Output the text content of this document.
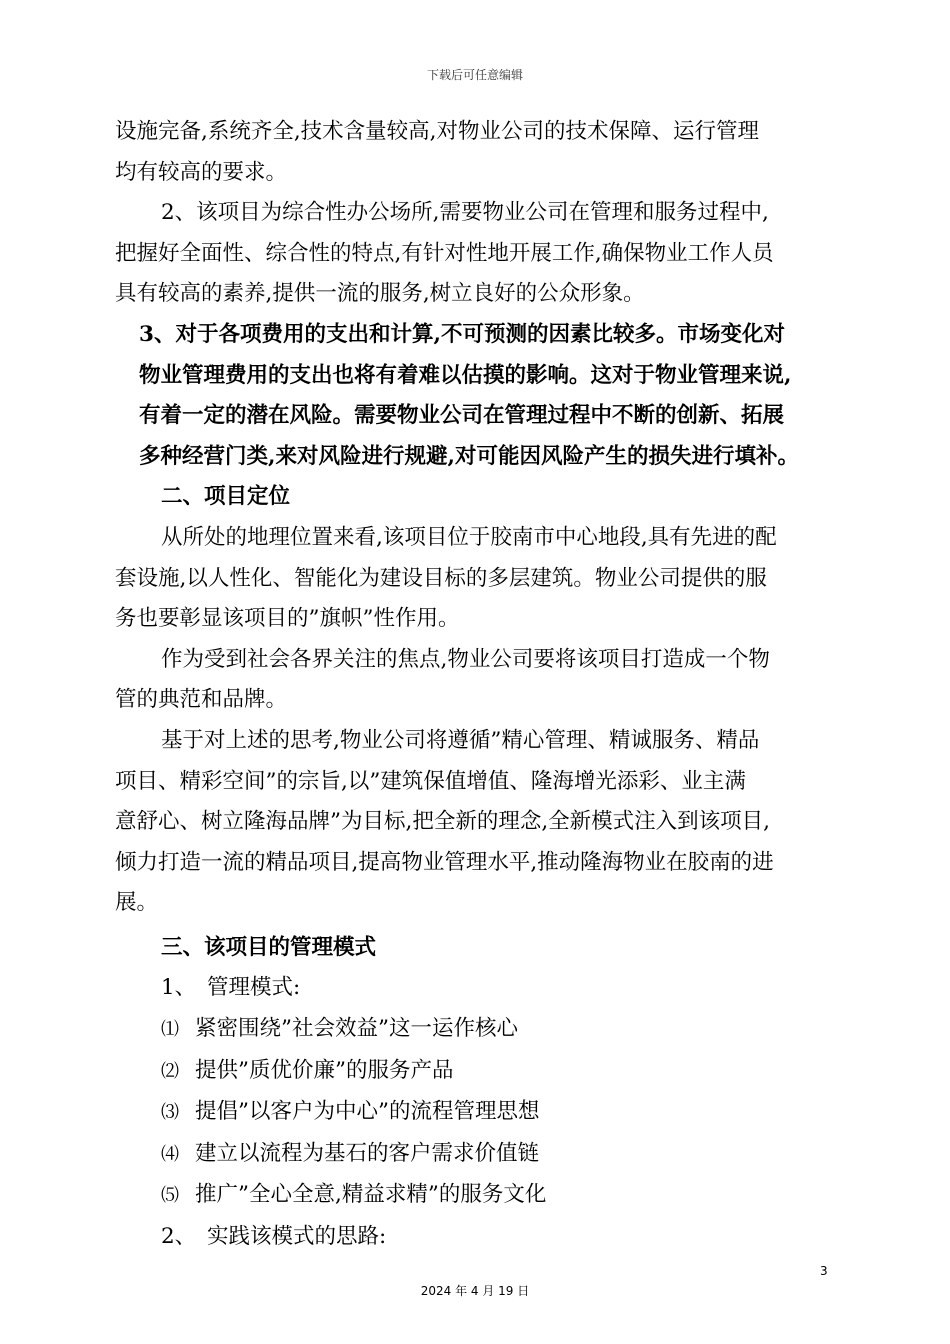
下载后可任意编辑

设施完备,系统齐全,技术含量较高,对物业公司的技术保障、运行管理

均有较高的要求。

2、该项目为综合性办公场所,需要物业公司在管理和服务过程中,

把握好全面性、综合性的特点,有针对性地开展工作,确保物业工作人员

具有较高的素养,提供一流的服务,树立良好的公众形象。

3、对于各项费用的支出和计算,不可预测的因素比较多。市场变化对

物业管理费用的支出也将有着难以估摸的影响。这对于物业管理来说,

有着一定的潜在风险。需要物业公司在管理过程中不断的创新、拓展

多种经营门类,来对风险进行规避,对可能因风险产生的损失进行填补。

二、项目定位

从所处的地理位置来看,该项目位于胶南市中心地段,具有先进的配

套设施,以人性化、智能化为建设目标的多层建筑。物业公司提供的服

务也要彰显该项目的”旗帜”性作用。

作为受到社会各界关注的焦点,物业公司要将该项目打造成一个物

管的典范和品牌。

基于对上述的思考,物业公司将遵循”精心管理、精诚服务、精品

项目、精彩空间”的宗旨,以”建筑保值增值、隆海增光添彩、业主满

意舒心、树立隆海品牌”为目标,把全新的理念,全新模式注入到该项目,

倾力打造一流的精品项目,提高物业管理水平,推动隆海物业在胶南的进

展。

三、该项目的管理模式

1、 管理模式:

⑴ 紧密围绕”社会效益”这一运作核心

⑵ 提供”质优价廉”的服务产品

⑶ 提倡”以客户为中心”的流程管理思想

⑷ 建立以流程为基石的客户需求价值链

⑸ 推广”全心全意,精益求精”的服务文化

2、 实践该模式的思路:

3
2024 年 4 月 19 日
